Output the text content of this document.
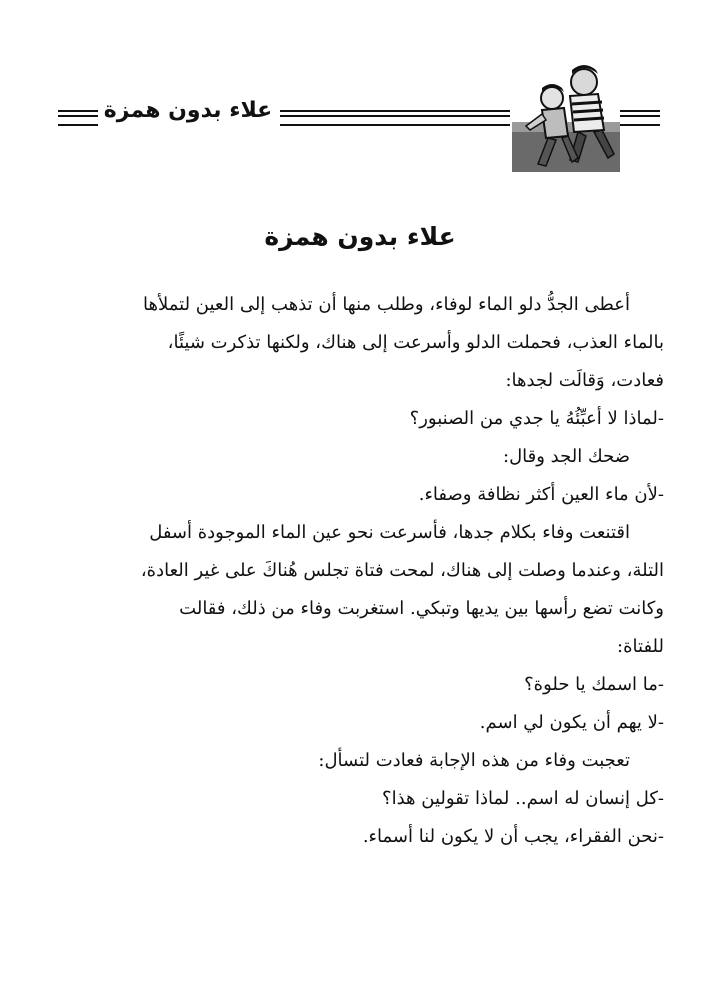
علاء بدون همزة
علاء بدون همزة
أعطى الجدُّ دلو الماء لوفاء، وطلب منها أن تذهب إلى العين لتملأها
بالماء العذب، فحملت الدلو وأسرعت إلى هناك، ولكنها تذكرت شيئًا،
فعادت، وَقالَت لجدها:
-لماذا لا أعبِّئُهُ يا جدي من الصنبور؟
ضحك الجد وقال:
-لأن ماء العين أكثر نظافة وصفاء.
اقتنعت وفاء بكلام جدها، فأسرعت نحو عين الماء الموجودة أسفل
التلة، وعندما وصلت إلى هناك، لمحت فتاة تجلس هُناكَ على غير العادة،
وكانت تضع رأسها بين يديها وتبكي. استغربت وفاء من ذلك، فقالت
للفتاة:
-ما اسمك يا حلوة؟
-لا يهم أن يكون لي اسم.
تعجبت وفاء من هذه الإجابة فعادت لتسأل:
-كل إنسان له اسم.. لماذا تقولين هذا؟
-نحن الفقراء، يجب أن لا يكون لنا أسماء.
